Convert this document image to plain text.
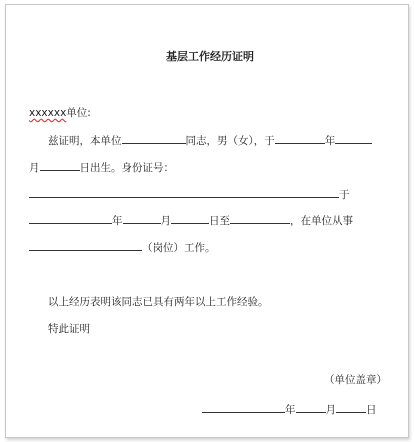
基层工作经历证明
xxxxxx单位:
兹证明，本单位	同志，男（女），于	年
月	日出生。身份证号：
于
年	月	日至	，在单位从事
（岗位）工作。
以上经历表明该同志已具有两年以上工作经验。
特此证明
（单位盖章）
年	月	日
